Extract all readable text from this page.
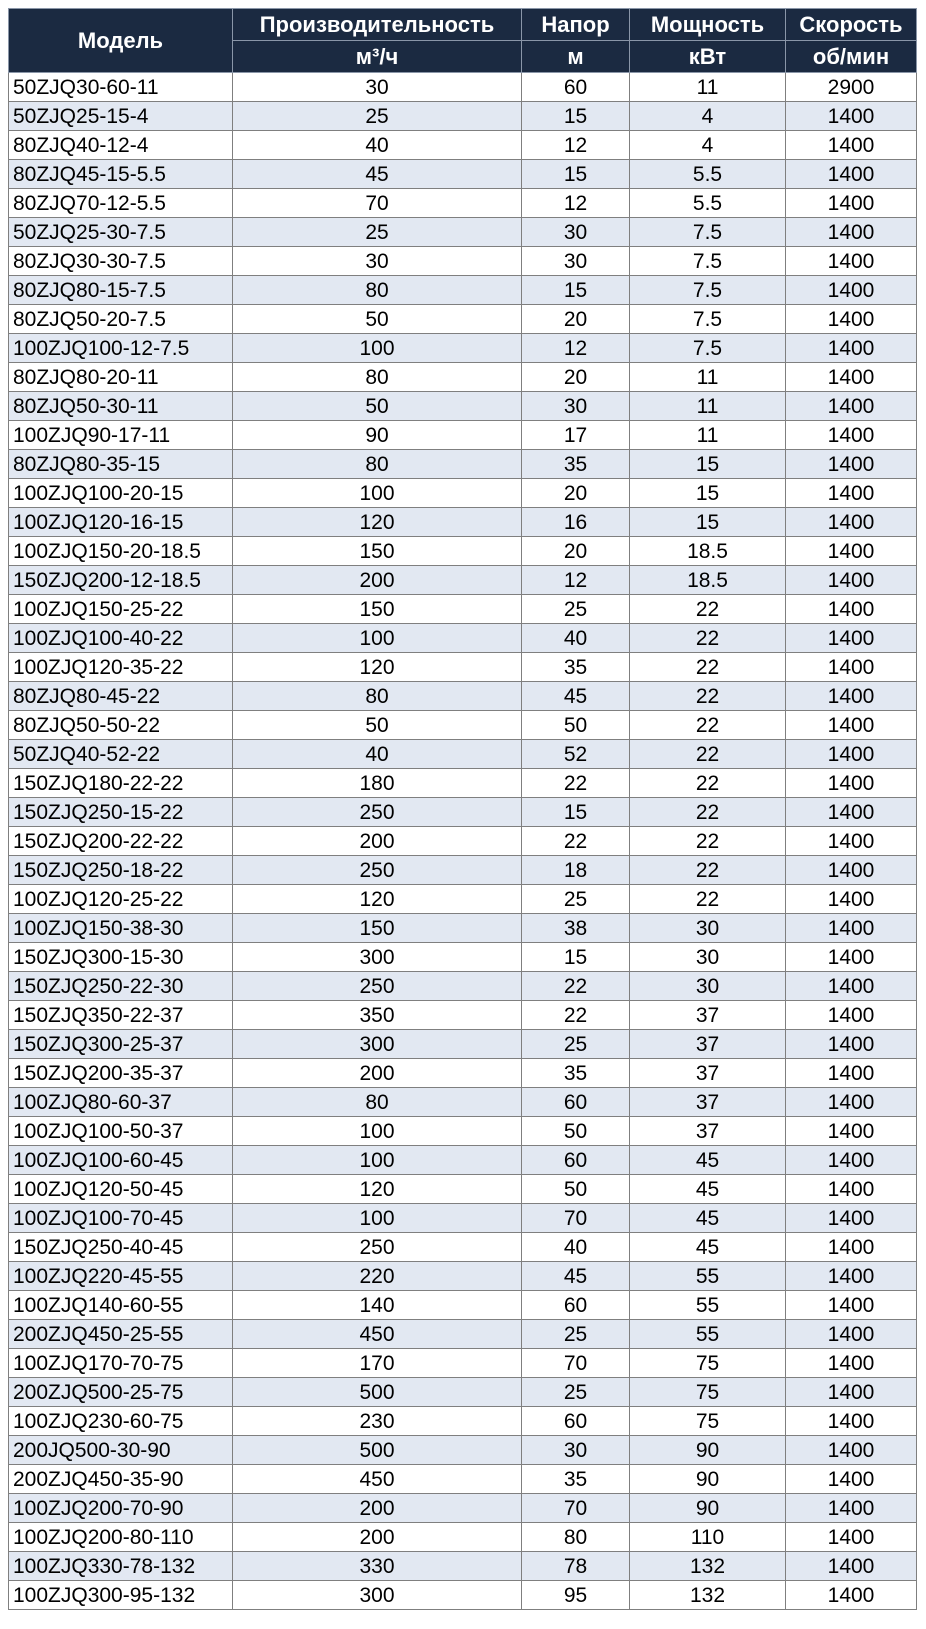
Модель	Производительность	Напор	Мощность	Скорость
	м³/ч	м	кВт	об/мин
50ZJQ30-60-11	30	60	11	2900
50ZJQ25-15-4	25	15	4	1400
80ZJQ40-12-4	40	12	4	1400
80ZJQ45-15-5.5	45	15	5.5	1400
80ZJQ70-12-5.5	70	12	5.5	1400
50ZJQ25-30-7.5	25	30	7.5	1400
80ZJQ30-30-7.5	30	30	7.5	1400
80ZJQ80-15-7.5	80	15	7.5	1400
80ZJQ50-20-7.5	50	20	7.5	1400
100ZJQ100-12-7.5	100	12	7.5	1400
80ZJQ80-20-11	80	20	11	1400
80ZJQ50-30-11	50	30	11	1400
100ZJQ90-17-11	90	17	11	1400
80ZJQ80-35-15	80	35	15	1400
100ZJQ100-20-15	100	20	15	1400
100ZJQ120-16-15	120	16	15	1400
100ZJQ150-20-18.5	150	20	18.5	1400
150ZJQ200-12-18.5	200	12	18.5	1400
100ZJQ150-25-22	150	25	22	1400
100ZJQ100-40-22	100	40	22	1400
100ZJQ120-35-22	120	35	22	1400
80ZJQ80-45-22	80	45	22	1400
80ZJQ50-50-22	50	50	22	1400
50ZJQ40-52-22	40	52	22	1400
150ZJQ180-22-22	180	22	22	1400
150ZJQ250-15-22	250	15	22	1400
150ZJQ200-22-22	200	22	22	1400
150ZJQ250-18-22	250	18	22	1400
100ZJQ120-25-22	120	25	22	1400
100ZJQ150-38-30	150	38	30	1400
150ZJQ300-15-30	300	15	30	1400
150ZJQ250-22-30	250	22	30	1400
150ZJQ350-22-37	350	22	37	1400
150ZJQ300-25-37	300	25	37	1400
150ZJQ200-35-37	200	35	37	1400
100ZJQ80-60-37	80	60	37	1400
100ZJQ100-50-37	100	50	37	1400
100ZJQ100-60-45	100	60	45	1400
100ZJQ120-50-45	120	50	45	1400
100ZJQ100-70-45	100	70	45	1400
150ZJQ250-40-45	250	40	45	1400
100ZJQ220-45-55	220	45	55	1400
100ZJQ140-60-55	140	60	55	1400
200ZJQ450-25-55	450	25	55	1400
100ZJQ170-70-75	170	70	75	1400
200ZJQ500-25-75	500	25	75	1400
100ZJQ230-60-75	230	60	75	1400
200JQ500-30-90	500	30	90	1400
200ZJQ450-35-90	450	35	90	1400
100ZJQ200-70-90	200	70	90	1400
100ZJQ200-80-110	200	80	110	1400
100ZJQ330-78-132	330	78	132	1400
100ZJQ300-95-132	300	95	132	1400
